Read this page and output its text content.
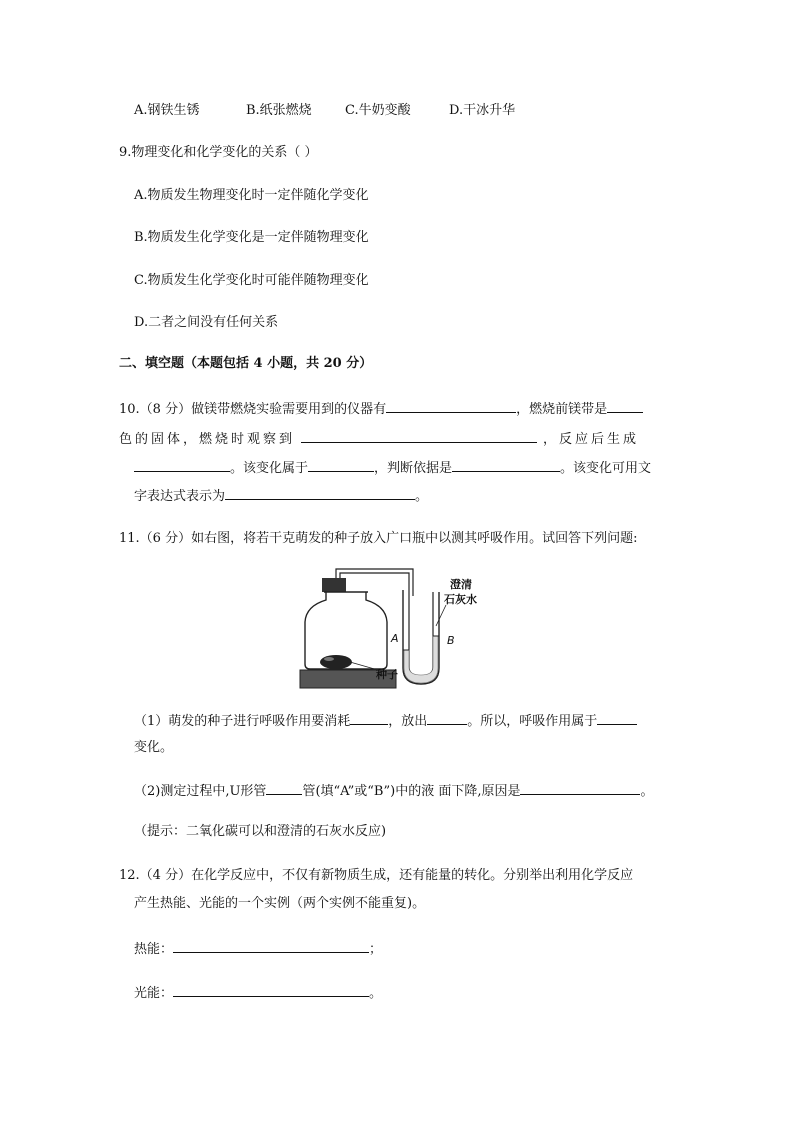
A.钢铁生锈	B.纸张燃烧	C.牛奶变酸	D.干冰升华
9.物理变化和化学变化的关系（ ）
A.物质发生物理变化时一定伴随化学变化
B.物质发生化学变化是一定伴随物理变化
C.物质发生化学变化时可能伴随物理变化
D.二者之间没有任何关系
二、填空题（本题包括 4 小题，共 20 分）
10.（8 分）做镁带燃烧实验需要用到的仪器有	，燃烧前镁带是
色的固体，燃烧时观察到	，反应后生成
。该变化属于	，判断依据是	。该变化可用文
字表达式表示为	。
11.（6 分）如右图，将若干克萌发的种子放入广口瓶中以测其呼吸作用。试回答下列问题:
澄清
石灰水
A	B
种子
（1）萌发的种子进行呼吸作用要消耗	，放出	。所以，呼吸作用属于
变化。
（2)测定过程中,U形管	管(填“A”或“B”)中的液 面下降,原因是	。
（提示：二氧化碳可以和澄清的石灰水反应)
12.（4 分）在化学反应中，不仅有新物质生成，还有能量的转化。分别举出利用化学反应
产生热能、光能的一个实例（两个实例不能重复)。
热能：	；
光能：	。
